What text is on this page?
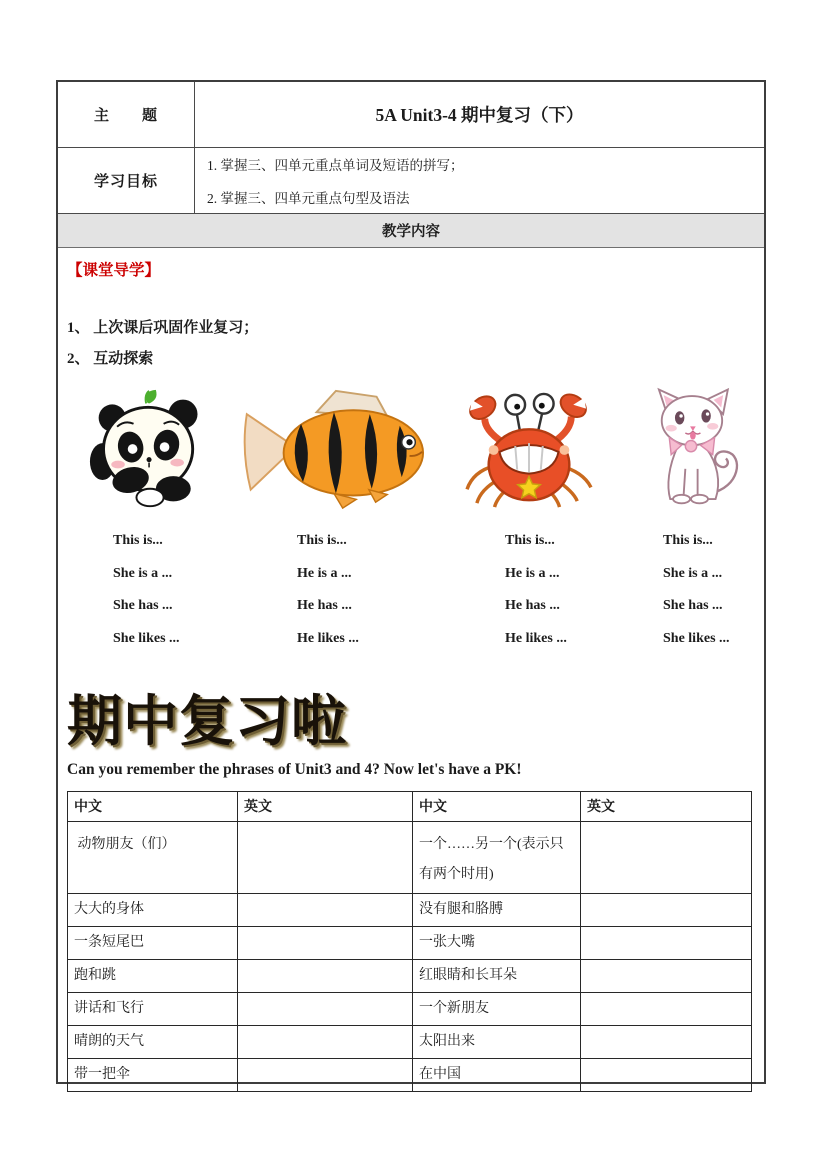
主　　题	5A Unit3-4 期中复习（下）
学习目标
1. 掌握三、四单元重点单词及短语的拼写；
2. 掌握三、四单元重点句型及语法
教学内容
【课堂导学】
1、 上次课后巩固作业复习；
2、 互动探索
This is...
She is a ...
She has ...
She likes ...
This is...
He is a ...
He has ...
He likes ...
This is...
He is a ...
He has ...
He likes ...
This is...
She is a ...
She has ...
She likes ...
期中复习啦
Can you remember the phrases of Unit3 and 4? Now let's have a PK!
中文	英文	中文	英文
动物朋友（们）		一个……另一个(表示只有两个时用)	
大大的身体		没有腿和胳膊	
一条短尾巴		一张大嘴	
跑和跳		红眼睛和长耳朵	
讲话和飞行		一个新朋友	
晴朗的天气		太阳出来	
带一把伞		在中国	
